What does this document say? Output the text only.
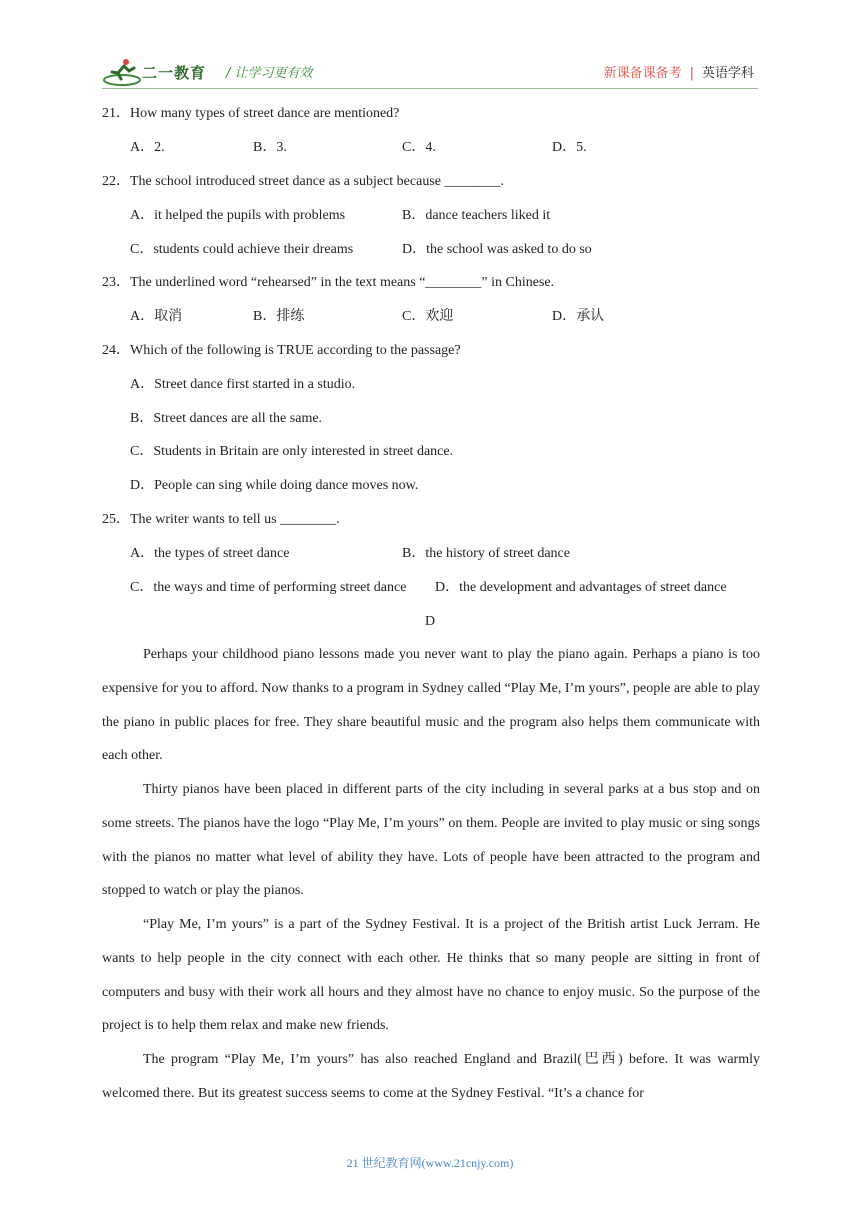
二一教育 / 让学习更有效	新课备课备考 | 英语学科
21．How many types of street dance are mentioned?
A．2.	B．3.	C．4.	D．5.
22．The school introduced street dance as a subject because ________.
A．it helped the pupils with problems	B．dance teachers liked it
C．students could achieve their dreams	D．the school was asked to do so
23．The underlined word “rehearsed” in the text means “________” in Chinese.
A．取消	B．排练	C．欢迎	D．承认
24．Which of the following is TRUE according to the passage?
A．Street dance first started in a studio.
B．Street dances are all the same.
C．Students in Britain are only interested in street dance.
D．People can sing while doing dance moves now.
25．The writer wants to tell us ________.
A．the types of street dance	B．the history of street dance
C．the ways and time of performing street dance D．the development and advantages of street dance
D

Perhaps your childhood piano lessons made you never want to play the piano again. Perhaps a piano is too expensive for you to afford. Now thanks to a program in Sydney called “Play Me, I’m yours”, people are able to play the piano in public places for free. They share beautiful music and the program also helps them communicate with each other.

Thirty pianos have been placed in different parts of the city including in several parks at a bus stop and on some streets. The pianos have the logo “Play Me, I’m yours” on them. People are invited to play music or sing songs with the pianos no matter what level of ability they have. Lots of people have been attracted to the program and stopped to watch or play the pianos.

“Play Me, I’m yours” is a part of the Sydney Festival. It is a project of the British artist Luck Jerram. He wants to help people in the city connect with each other. He thinks that so many people are sitting in front of computers and busy with their work all hours and they almost have no chance to enjoy music. So the purpose of the project is to help them relax and make new friends.

The program “Play Me, I’m yours” has also reached England and Brazil(巴西) before. It was warmly welcomed there. But its greatest success seems to come at the Sydney Festival. “It’s a chance for

21 世纪教育网(www.21cnjy.com)
